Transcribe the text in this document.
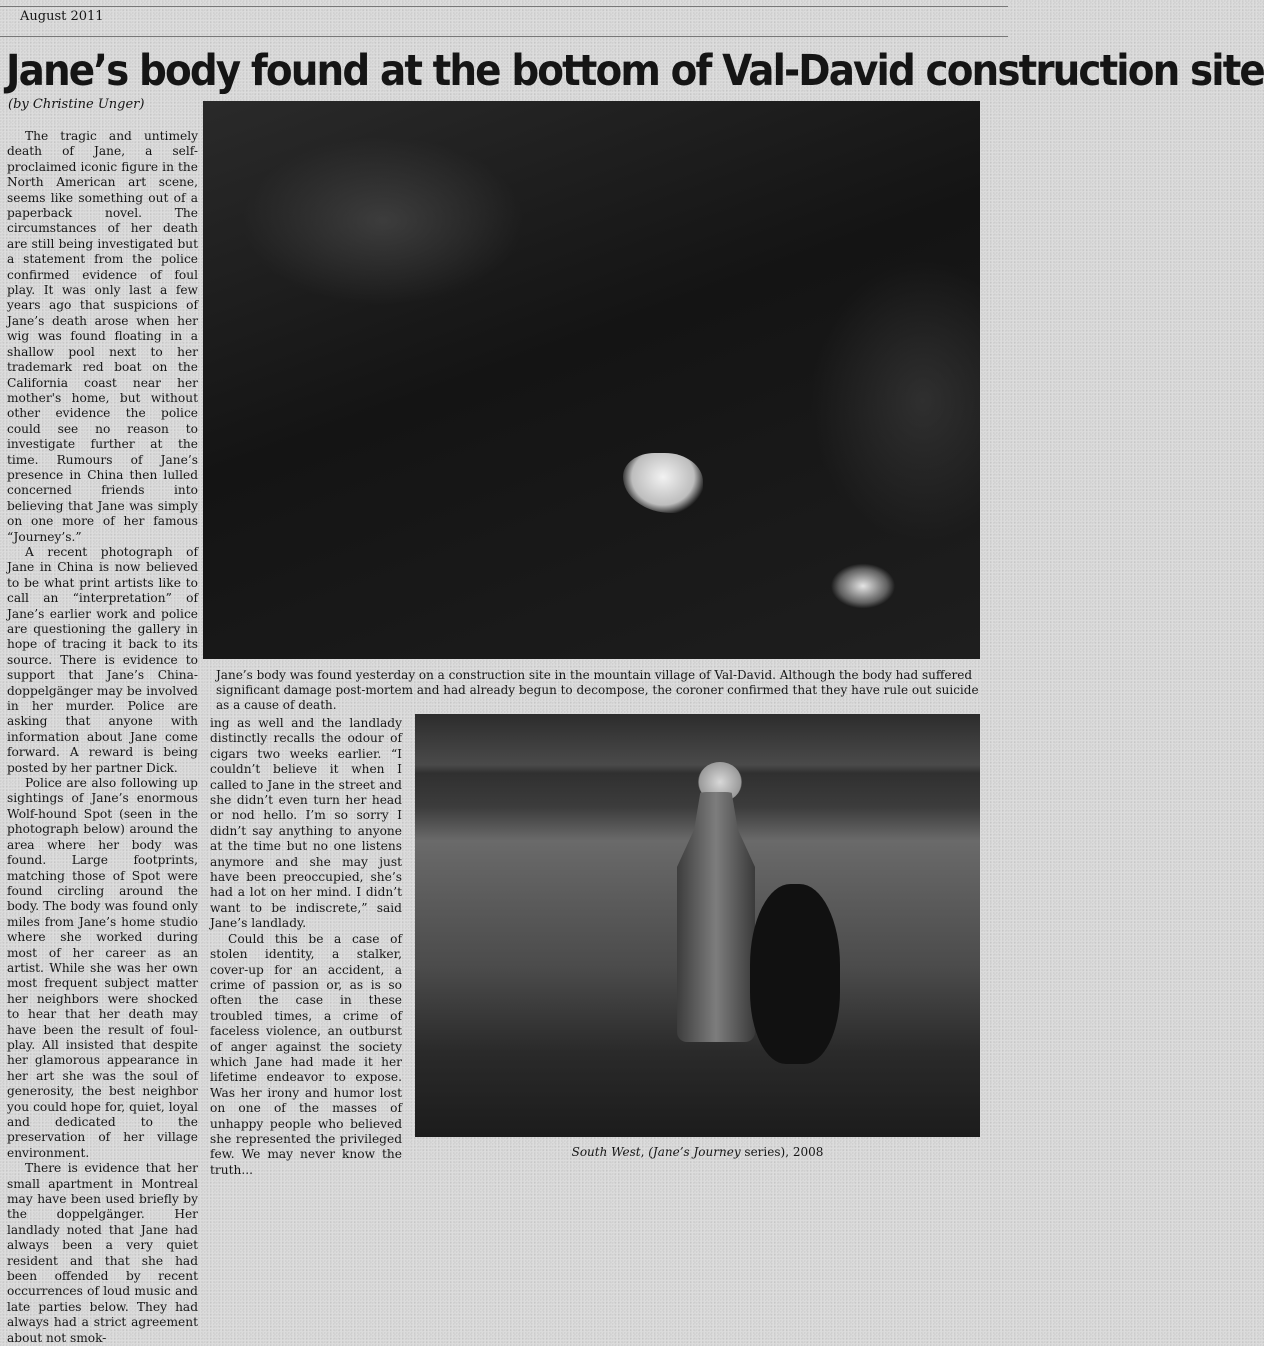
August 2011
Jane’s body found at the bottom of Val-David construction site
(by Christine Unger)

The tragic and untimely death of Jane, a self-proclaimed iconic figure in the North American art scene, seems like something out of a paperback novel. The circumstances of her death are still being investigated but a statement from the police confirmed evidence of foul play. It was only last a few years ago that suspicions of Jane’s death arose when her wig was found floating in a shallow pool next to her trademark red boat on the California coast near her mother's home, but without other evidence the police could see no reason to investigate further at the time. Rumours of Jane’s presence in China then lulled concerned friends into believing that Jane was simply on one more of her famous “Journey’s.”

A recent photograph of Jane in China is now believed to be what print artists like to call an “interpretation” of Jane’s earlier work and police are questioning the gallery in hope of tracing it back to its source. There is evidence to support that Jane’s China-doppelgänger may be involved in her murder. Police are asking that anyone with information about Jane come forward. A reward is being posted by her partner Dick.

Police are also following up sightings of Jane’s enormous Wolf-hound Spot (seen in the photograph below) around the area where her body was found. Large footprints, matching those of Spot were found circling around the body. The body was found only miles from Jane’s home studio where she worked during most of her career as an artist. While she was her own most frequent subject matter her neighbors were shocked to hear that her death may have been the result of foul-play. All insisted that despite her glamorous appearance in her art she was the soul of generosity, the best neighbor you could hope for, quiet, loyal and dedicated to the preservation of her village environment.

There is evidence that her small apartment in Montreal may have been used briefly by the doppelgänger. Her landlady noted that Jane had always been a very quiet resident and that she had been offended by recent occurrences of loud music and late parties below. They had always had a strict agreement about not smok-

Jane’s body was found yesterday on a construction site in the mountain village of Val-David. Although the body had suffered significant damage post-mortem and had already begun to decompose, the coroner confirmed that they have rule out suicide as a cause of death.

ing as well and the landlady distinctly recalls the odour of cigars two weeks earlier. “I couldn’t believe it when I called to Jane in the street and she didn’t even turn her head or nod hello. I’m so sorry I didn’t say anything to anyone at the time but no one listens anymore and she may just have been preoccupied, she’s had a lot on her mind. I didn’t want to be indiscrete,” said Jane’s landlady.

Could this be a case of stolen identity, a stalker, cover-up for an accident, a crime of passion or, as is so often the case in these troubled times, a crime of faceless violence, an outburst of anger against the society which Jane had made it her lifetime endeavor to expose. Was her irony and humor lost on one of the masses of unhappy people who believed she represented the privileged few. We may never know the truth...

South West, (Jane’s Journey series), 2008
